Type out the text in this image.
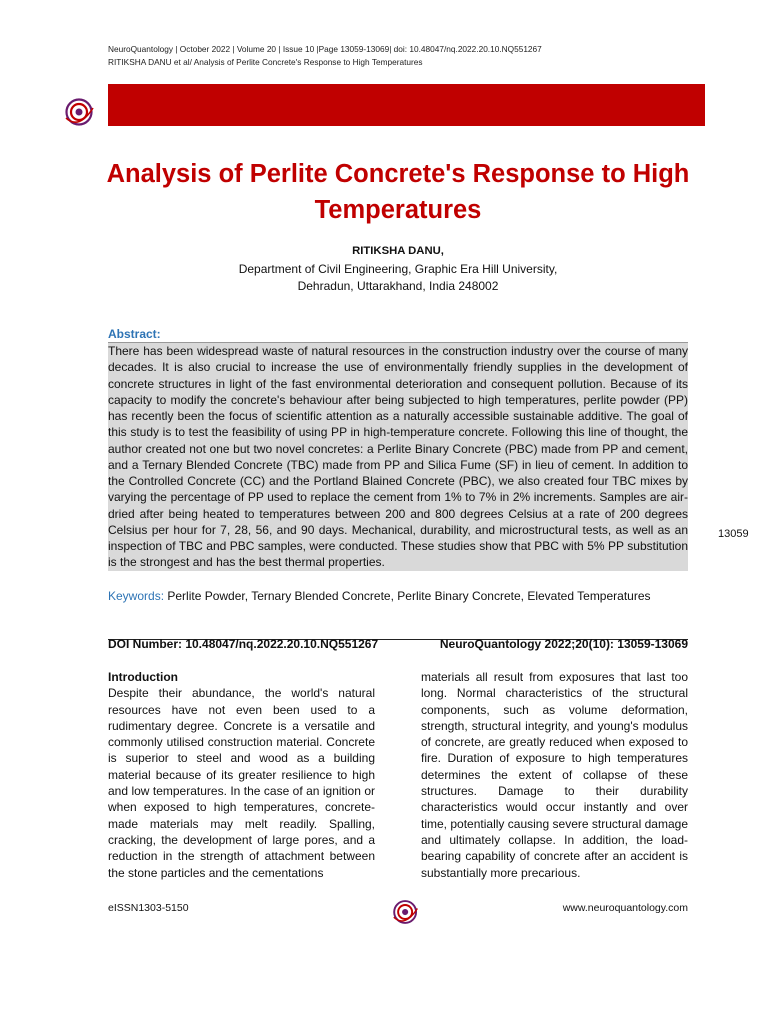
NeuroQuantology | October 2022 | Volume 20 | Issue 10 |Page 13059-13069| doi: 10.48047/nq.2022.20.10.NQ551267
RITIKSHA DANU et al/ Analysis of Perlite Concrete's Response to High Temperatures
Analysis of Perlite Concrete's Response to High Temperatures
RITIKSHA DANU,
Department of Civil Engineering, Graphic Era Hill University,
Dehradun, Uttarakhand, India 248002
Abstract:

There has been widespread waste of natural resources in the construction industry over the course of many decades. It is also crucial to increase the use of environmentally friendly supplies in the development of concrete structures in light of the fast environmental deterioration and consequent pollution. Because of its capacity to modify the concrete's behaviour after being subjected to high temperatures, perlite powder (PP) has recently been the focus of scientific attention as a naturally accessible sustainable additive. The goal of this study is to test the feasibility of using PP in high-temperature concrete. Following this line of thought, the author created not one but two novel concretes: a Perlite Binary Concrete (PBC) made from PP and cement, and a Ternary Blended Concrete (TBC) made from PP and Silica Fume (SF) in lieu of cement. In addition to the Controlled Concrete (CC) and the Portland Blained Concrete (PBC), we also created four TBC mixes by varying the percentage of PP used to replace the cement from 1% to 7% in 2% increments. Samples are air-dried after being heated to temperatures between 200 and 800 degrees Celsius at a rate of 200 degrees Celsius per hour for 7, 28, 56, and 90 days. Mechanical, durability, and microstructural tests, as well as an inspection of TBC and PBC samples, were conducted. These studies show that PBC with 5% PP substitution is the strongest and has the best thermal properties.

Keywords: Perlite Powder, Ternary Blended Concrete, Perlite Binary Concrete, Elevated Temperatures

13059
DOI Number: 10.48047/nq.2022.20.10.NQ551267	NeuroQuantology 2022;20(10): 13059-13069
Introduction

Despite their abundance, the world's natural resources have not even been used to a rudimentary degree. Concrete is a versatile and commonly utilised construction material. Concrete is superior to steel and wood as a building material because of its greater resilience to high and low temperatures. In the case of an ignition or when exposed to high temperatures, concrete-made materials may melt readily. Spalling, cracking, the development of large pores, and a reduction in the strength of attachment between the stone particles and the cementations

materials all result from exposures that last too long. Normal characteristics of the structural components, such as volume deformation, strength, structural integrity, and young's modulus of concrete, are greatly reduced when exposed to fire. Duration of exposure to high temperatures determines the extent of collapse of these structures. Damage to their durability characteristics would occur instantly and over time, potentially causing severe structural damage and ultimately collapse. In addition, the load-bearing capability of concrete after an accident is substantially more precarious.

eISSN1303-5150	www.neuroquantology.com
